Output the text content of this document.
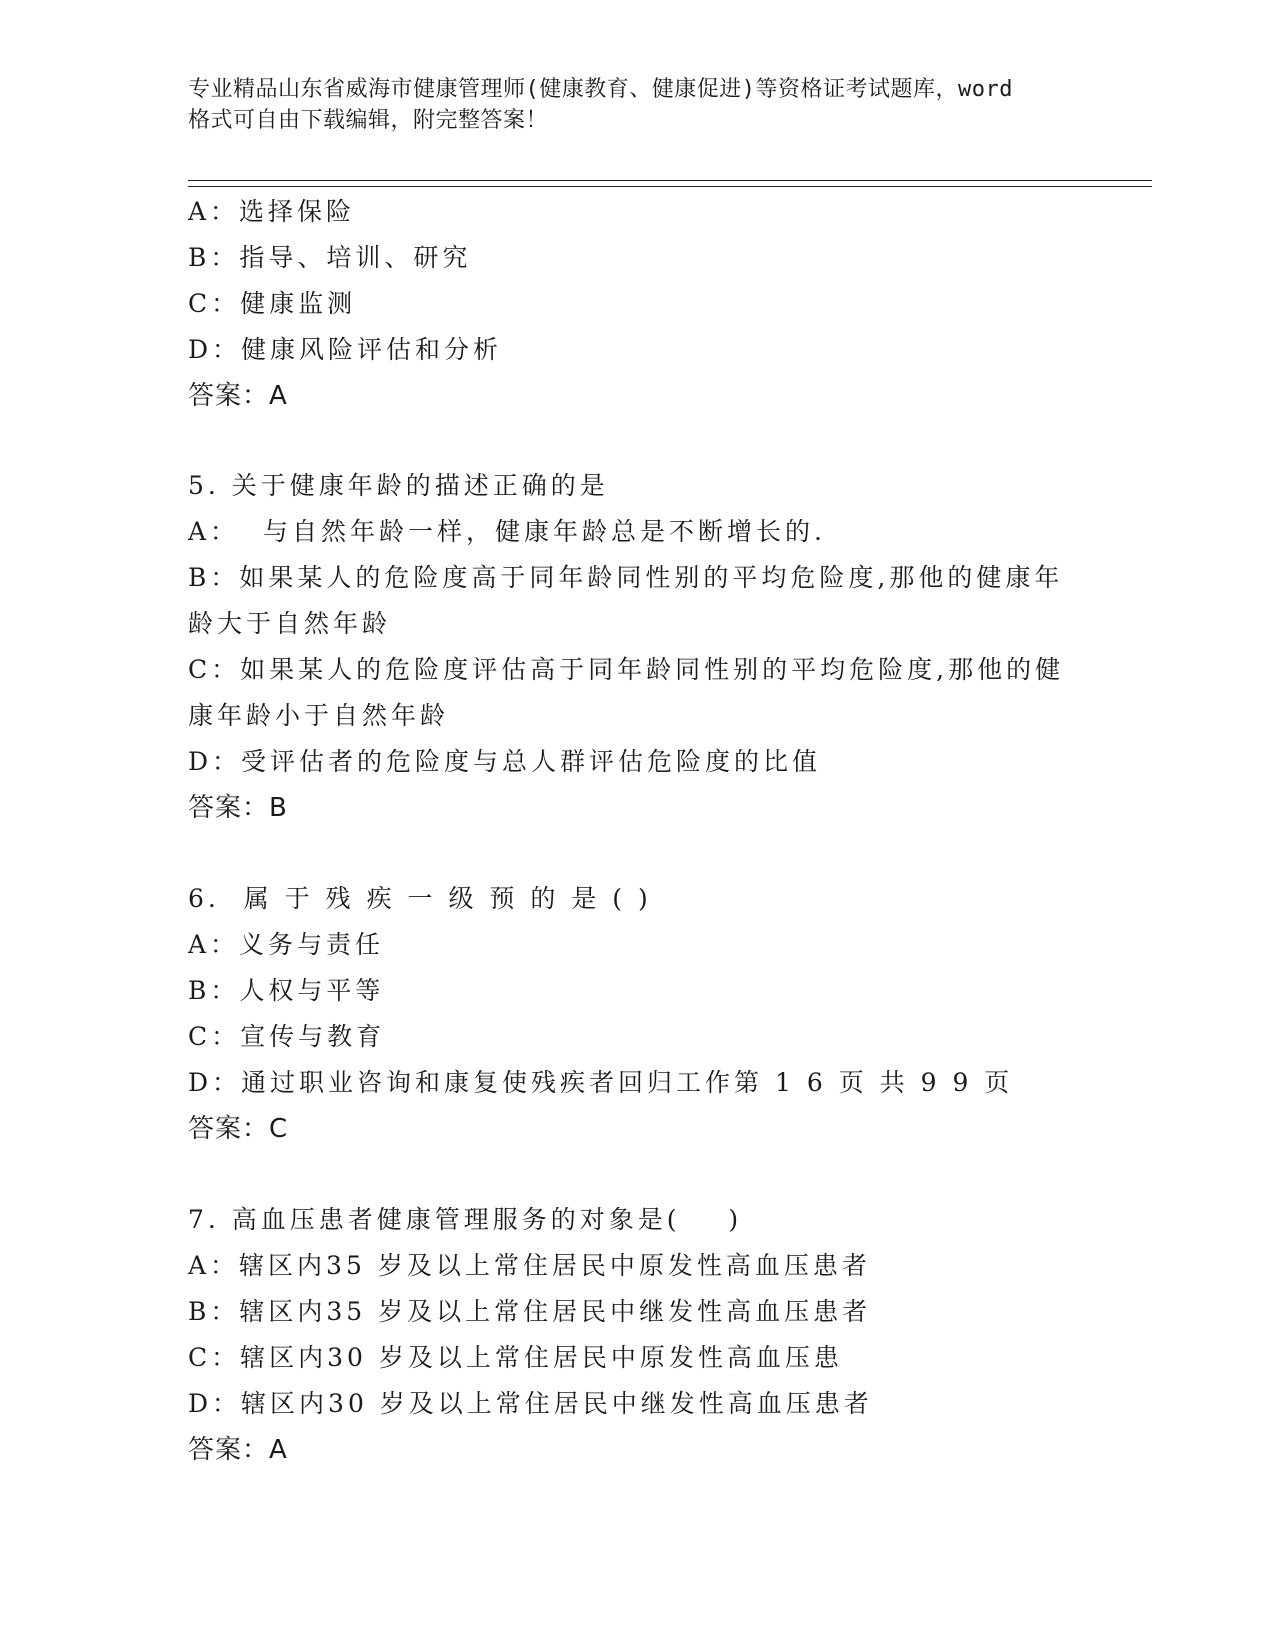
专业精品山东省威海市健康管理师(健康教育、健康促进)等资格证考试题库，word
格式可自由下载编辑，附完整答案！
A：选择保险
B：指导、培训、研究
C：健康监测
D：健康风险评估和分析
答案：A
5. 关于健康年龄的描述正确的是
A：  与自然年龄一样，健康年龄总是不断增长的.
B：如果某人的危险度高于同年龄同性别的平均危险度,那他的健康年
龄大于自然年龄
C：如果某人的危险度评估高于同年龄同性别的平均危险度,那他的健
康年龄小于自然年龄
D：受评估者的危险度与总人群评估危险度的比值
答案：B
6.  属 于 残 疾 一 级 预 的 是 ( )
A：义务与责任
B：人权与平等
C：宣传与教育
D：通过职业咨询和康复使残疾者回归工作第 1 6 页 共 9 9 页
答案：C
7. 高血压患者健康管理服务的对象是(    )
A：辖区内35 岁及以上常住居民中原发性高血压患者
B：辖区内35 岁及以上常住居民中继发性高血压患者
C：辖区内30 岁及以上常住居民中原发性高血压患
D：辖区内30 岁及以上常住居民中继发性高血压患者
答案：A
